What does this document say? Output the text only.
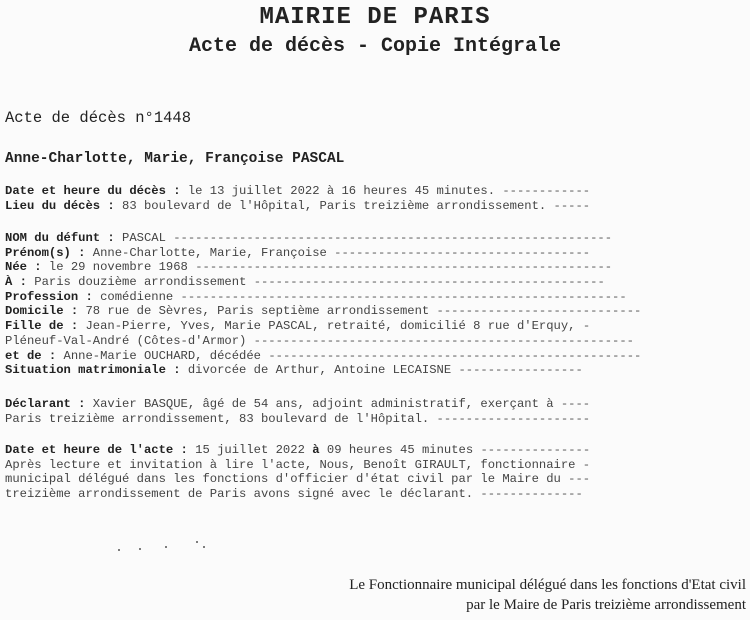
MAIRIE DE PARIS
Acte de décès - Copie Intégrale
Acte de décès n°1448
Anne-Charlotte, Marie, Françoise PASCAL
Date et heure du décès : le 13 juillet 2022 à 16 heures 45 minutes. ------------
Lieu du décès : 83 boulevard de l'Hôpital, Paris treizième arrondissement. -----
NOM du défunt : PASCAL ------------------------------------------------------------
Prénom(s) : Anne-Charlotte, Marie, Françoise -----------------------------------
Née : le 29 novembre 1968 ---------------------------------------------------------
À : Paris douzième arrondissement ------------------------------------------------
Profession : comédienne -------------------------------------------------------------
Domicile : 78 rue de Sèvres, Paris septième arrondissement ----------------------------
Fille de : Jean-Pierre, Yves, Marie PASCAL, retraité, domicilié 8 rue d'Erquy, -
Pléneuf-Val-André (Côtes-d'Armor) ----------------------------------------------------
et de : Anne-Marie OUCHARD, décédée ---------------------------------------------------
Situation matrimoniale : divorcée de Arthur, Antoine LECAISNE -----------------
Déclarant : Xavier BASQUE, âgé de 54 ans, adjoint administratif, exerçant à ----
Paris treizième arrondissement, 83 boulevard de l'Hôpital. ---------------------
Date et heure de l'acte : 15 juillet 2022 à 09 heures 45 minutes ---------------
Après lecture et invitation à lire l'acte, Nous, Benoît GIRAULT, fonctionnaire -
municipal délégué dans les fonctions d'officier d'état civil par le Maire du ---
treizième arrondissement de Paris avons signé avec le déclarant. --------------
Le Fonctionnaire municipal délégué dans les fonctions d'Etat civil
par le Maire de Paris treizième arrondissement
